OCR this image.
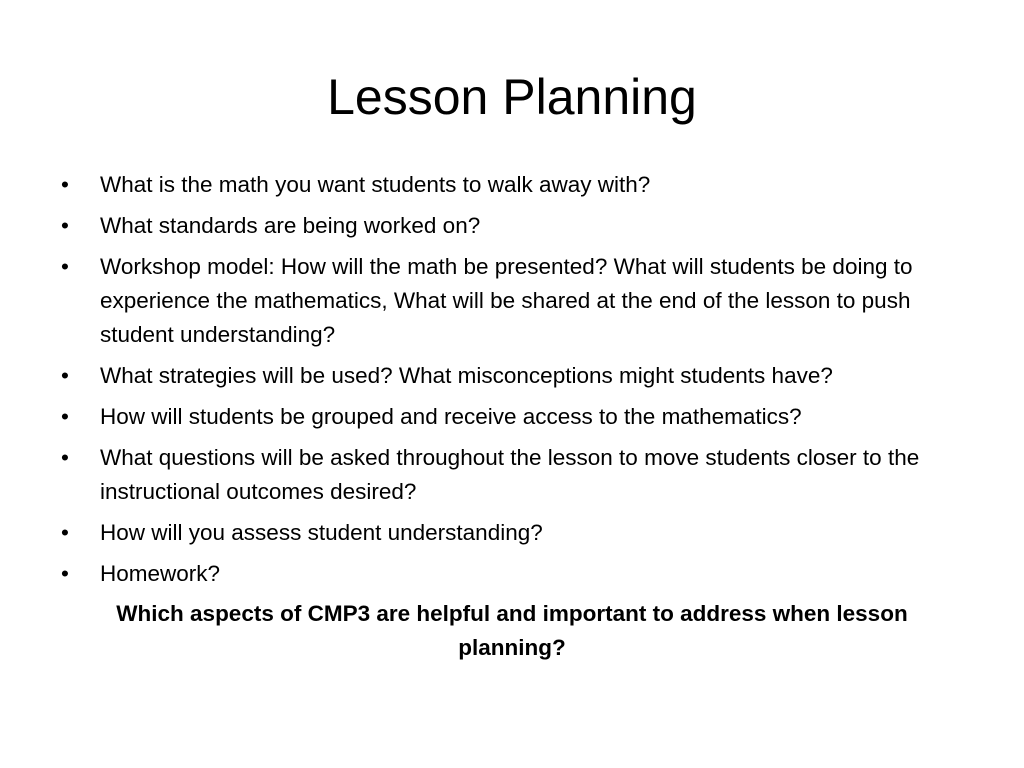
Lesson Planning
• What is the math you want students to walk away with?
• What standards are being worked on?
• Workshop model: How will the math be presented? What will students be doing to experience the mathematics, What will be shared at the end of the lesson to push student understanding?
• What strategies will be used? What misconceptions might students have?
• How will students be grouped and receive access to the mathematics?
• What questions will be asked throughout the lesson to move students closer to the instructional outcomes desired?
• How will you assess student understanding?
• Homework?

Which aspects of CMP3 are helpful and important to address when lesson planning?
